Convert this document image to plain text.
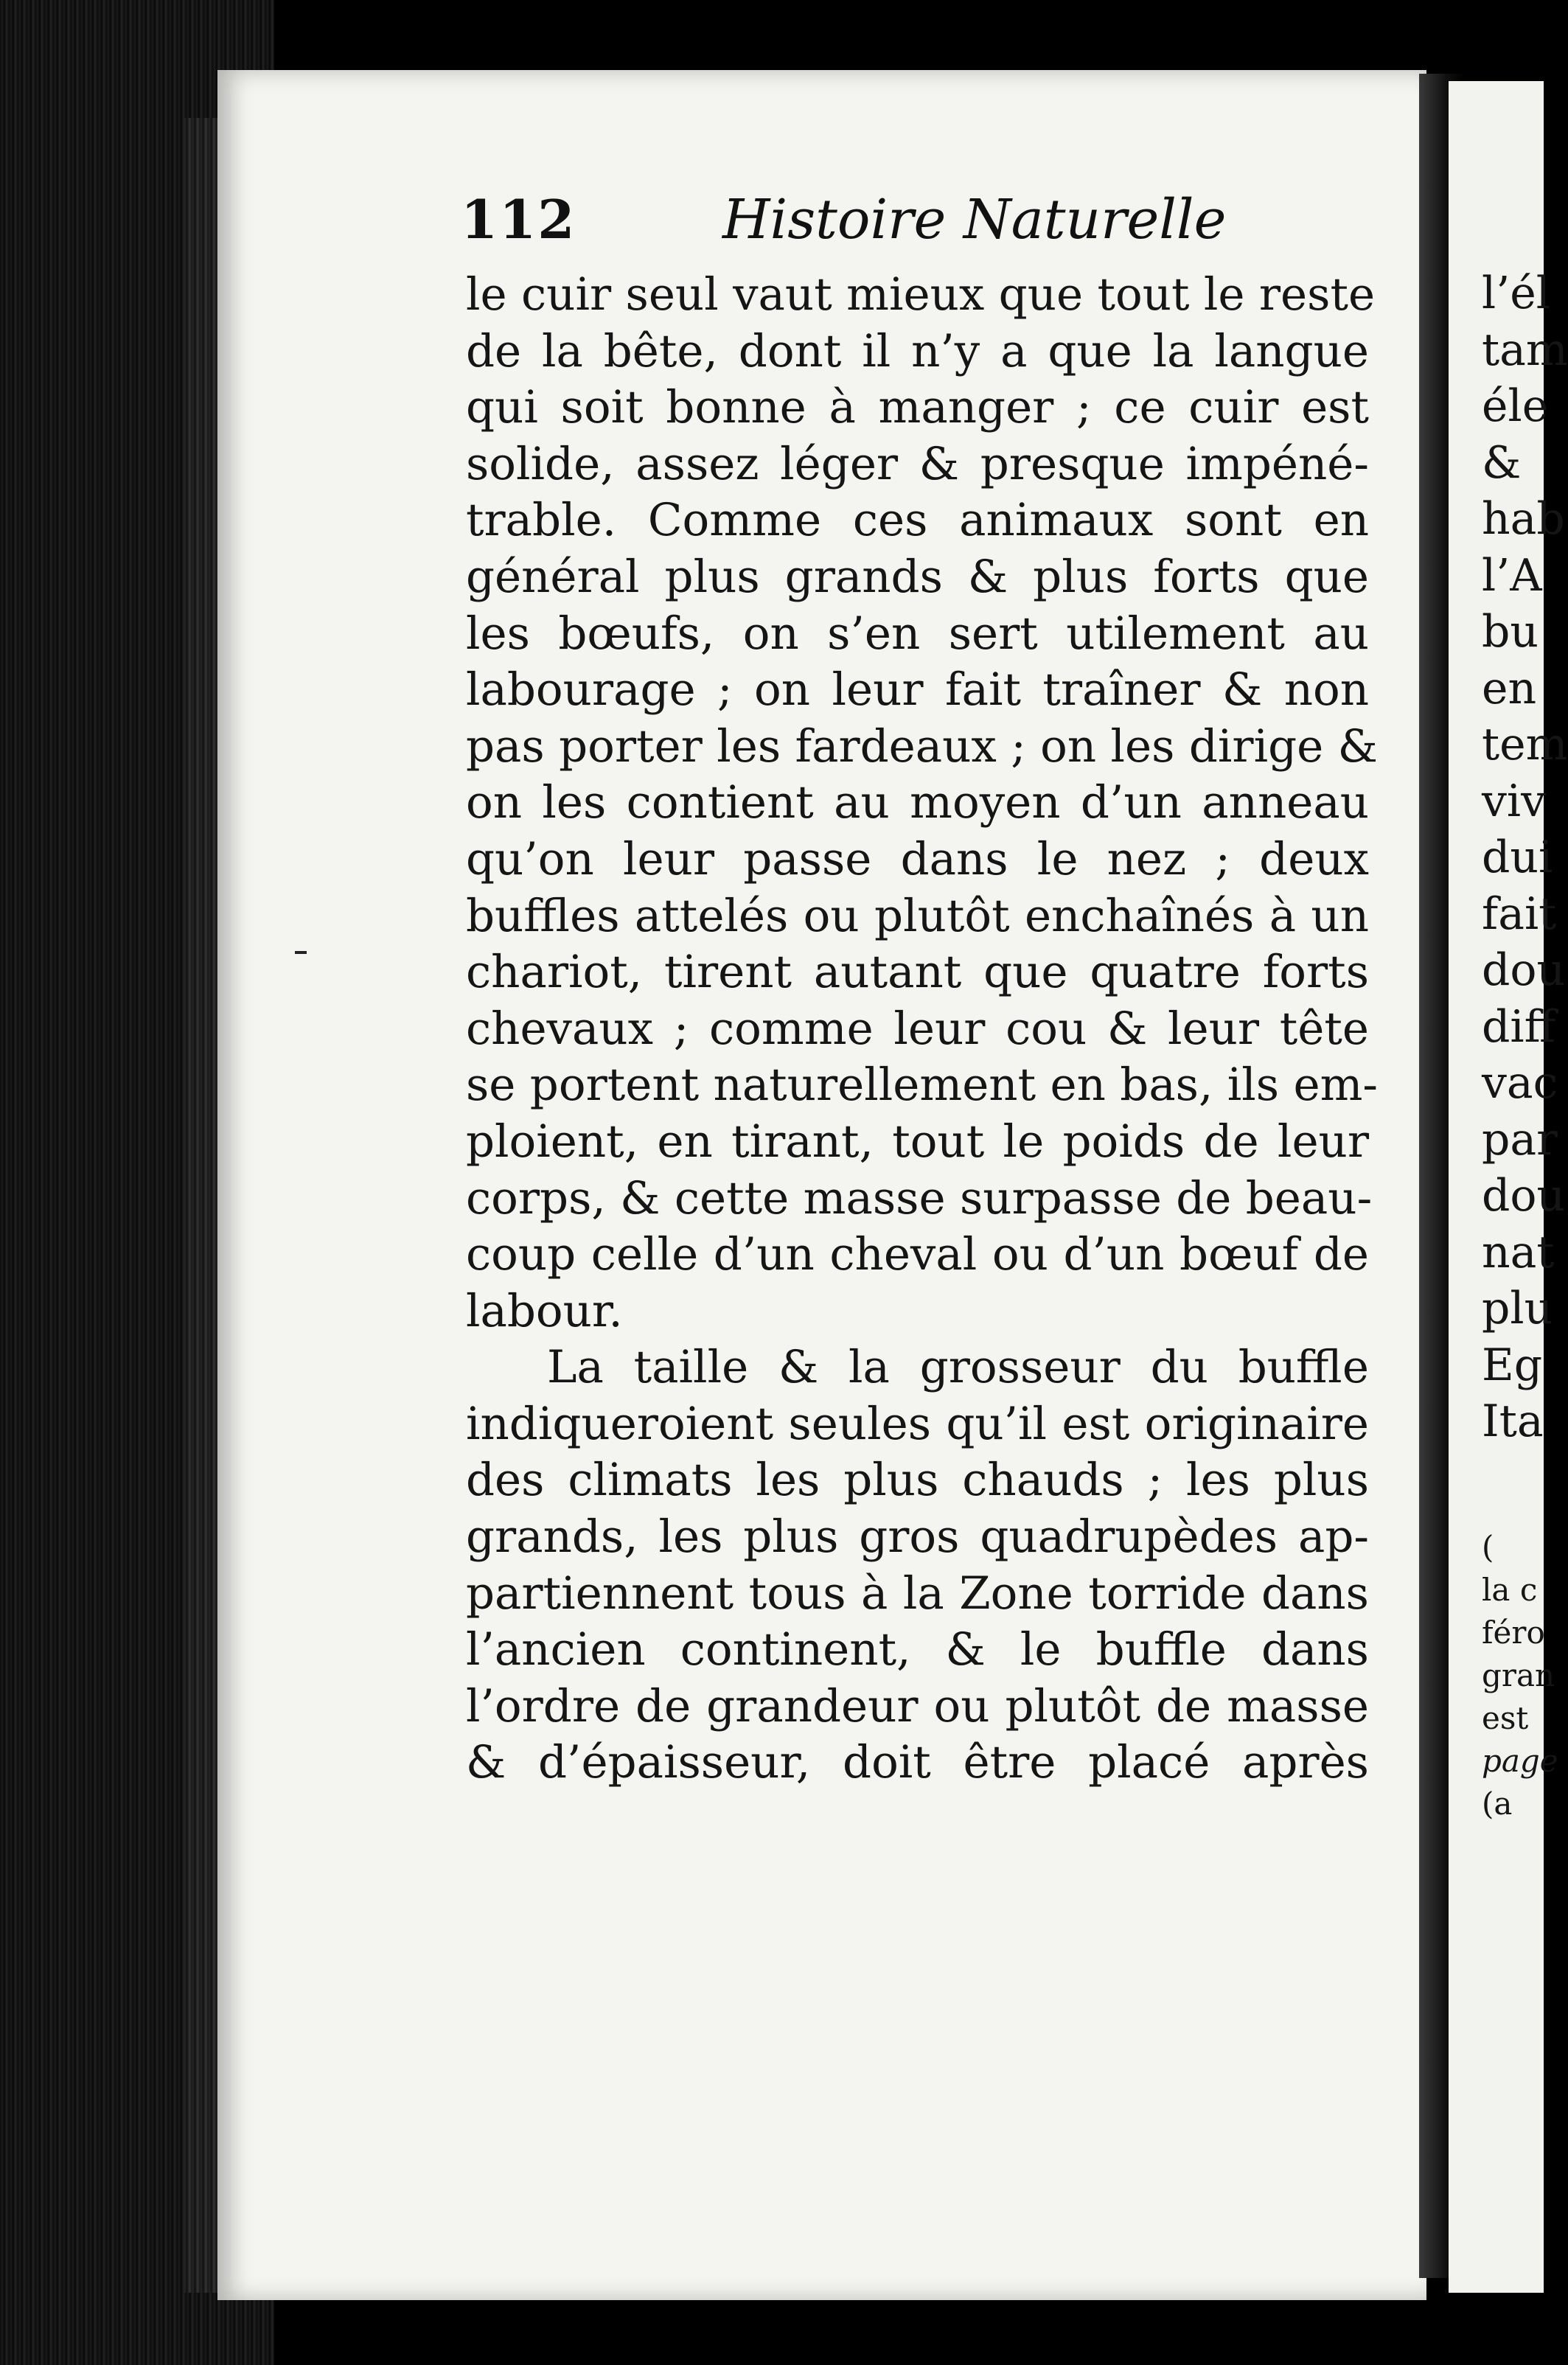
l’él
tam
éle
&
hab
l’A
bu
en
tem
viv
dui
fait
dou
diff
vac
par
dou
nat
plu
Eg
Ita
(
la c
féro
gran
est
page
(a
112	Histoire Naturelle
le cuir seul vaut mieux que tout le reste
de la bête, dont il n’y a que la langue
qui soit bonne à manger ; ce cuir est
solide, assez léger & presque impéné-
trable. Comme ces animaux sont en
général plus grands & plus forts que
les bœufs, on s’en sert utilement au
labourage ; on leur fait traîner & non
pas porter les fardeaux ; on les dirige &
on les contient au moyen d’un anneau
qu’on leur passe dans le nez ; deux
buffles attelés ou plutôt enchaînés à un
chariot, tirent autant que quatre forts
chevaux ; comme leur cou & leur tête
se portent naturellement en bas, ils em-
ploient, en tirant, tout le poids de leur
corps, & cette masse surpasse de beau-
coup celle d’un cheval ou d’un bœuf de
labour.
La taille & la grosseur du buffle
indiqueroient seules qu’il est originaire
des climats les plus chauds ; les plus
grands, les plus gros quadrupèdes ap-
partiennent tous à la Zone torride dans
l’ancien continent, & le buffle dans
l’ordre de grandeur ou plutôt de masse
& d’épaisseur, doit être placé après
